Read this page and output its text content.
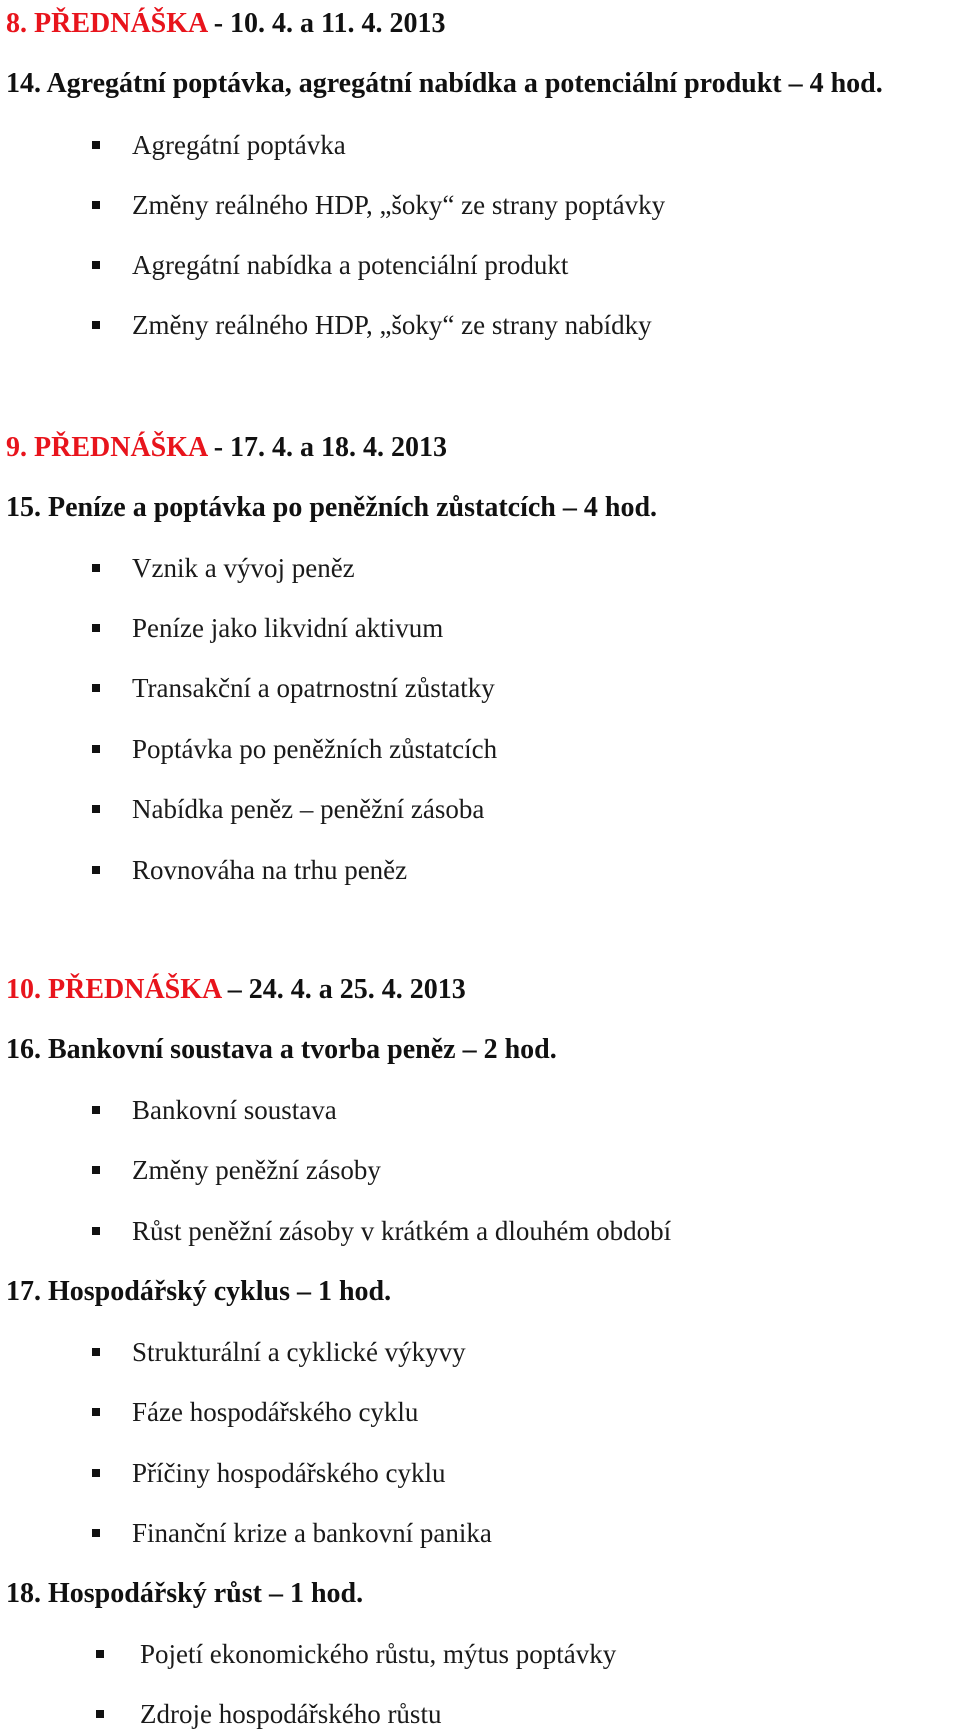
8. PŘEDNÁŠKA - 10. 4. a 11. 4. 2013
14. Agregátní poptávka, agregátní nabídka a potenciální produkt – 4 hod.
Agregátní poptávka
Změny reálného HDP, „šoky“ ze strany poptávky
Agregátní nabídka a potenciální produkt
Změny reálného HDP, „šoky“ ze strany nabídky
9. PŘEDNÁŠKA - 17. 4. a 18. 4. 2013
15. Peníze a poptávka po peněžních zůstatcích – 4 hod.
Vznik a vývoj peněz
Peníze jako likvidní aktivum
Transakční a opatrnostní zůstatky
Poptávka po peněžních zůstatcích
Nabídka peněz – peněžní zásoba
Rovnováha na trhu peněz
10. PŘEDNÁŠKA – 24. 4. a 25. 4. 2013
16. Bankovní soustava a tvorba peněz – 2 hod.
Bankovní soustava
Změny peněžní zásoby
Růst peněžní zásoby v krátkém a dlouhém období
17. Hospodářský cyklus – 1 hod.
Strukturální a cyklické výkyvy
Fáze hospodářského cyklu
Příčiny hospodářského cyklu
Finanční krize a bankovní panika
18. Hospodářský růst – 1 hod.
Pojetí ekonomického růstu, mýtus poptávky
Zdroje hospodářského růstu
